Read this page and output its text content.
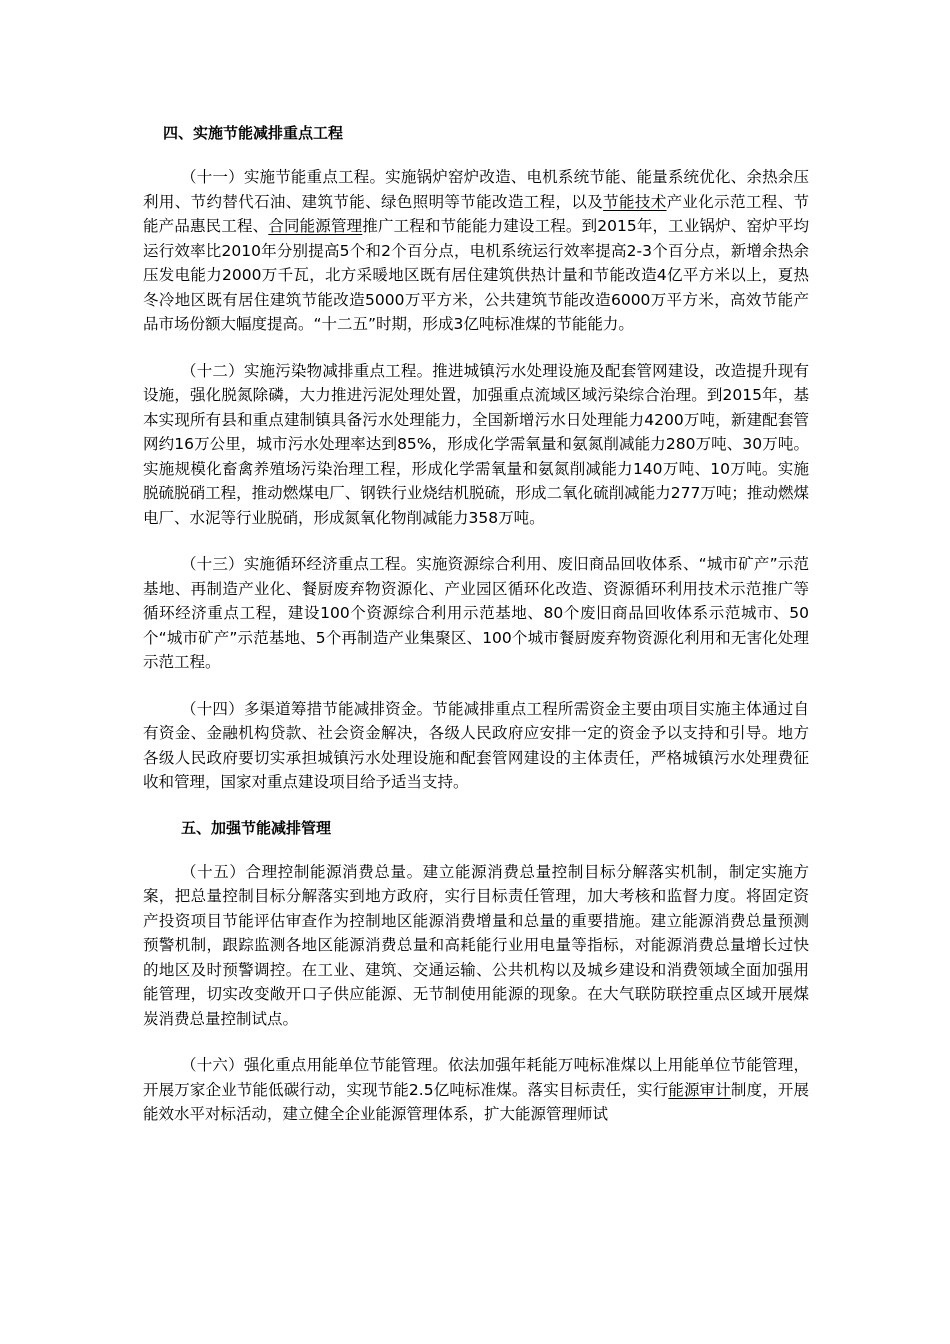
四、实施节能减排重点工程

（十一）实施节能重点工程。实施锅炉窑炉改造、电机系统节能、能量系统优化、余热余压利用、节约替代石油、建筑节能、绿色照明等节能改造工程，以及节能技术产业化示范工程、节能产品惠民工程、合同能源管理推广工程和节能能力建设工程。到2015年，工业锅炉、窑炉平均运行效率比2010年分别提高5个和2个百分点，电机系统运行效率提高2-3个百分点，新增余热余压发电能力2000万千瓦，北方采暖地区既有居住建筑供热计量和节能改造4亿平方米以上，夏热冬冷地区既有居住建筑节能改造5000万平方米，公共建筑节能改造6000万平方米，高效节能产品市场份额大幅度提高。“十二五”时期，形成3亿吨标准煤的节能能力。

（十二）实施污染物减排重点工程。推进城镇污水处理设施及配套管网建设，改造提升现有设施，强化脱氮除磷，大力推进污泥处理处置，加强重点流域区域污染综合治理。到2015年，基本实现所有县和重点建制镇具备污水处理能力，全国新增污水日处理能力4200万吨，新建配套管网约16万公里，城市污水处理率达到85%，形成化学需氧量和氨氮削减能力280万吨、30万吨。实施规模化畜禽养殖场污染治理工程，形成化学需氧量和氨氮削减能力140万吨、10万吨。实施脱硫脱硝工程，推动燃煤电厂、钢铁行业烧结机脱硫，形成二氧化硫削减能力277万吨；推动燃煤电厂、水泥等行业脱硝，形成氮氧化物削减能力358万吨。

（十三）实施循环经济重点工程。实施资源综合利用、废旧商品回收体系、“城市矿产”示范基地、再制造产业化、餐厨废弃物资源化、产业园区循环化改造、资源循环利用技术示范推广等循环经济重点工程，建设100个资源综合利用示范基地、80个废旧商品回收体系示范城市、50个“城市矿产”示范基地、5个再制造产业集聚区、100个城市餐厨废弃物资源化利用和无害化处理示范工程。

（十四）多渠道筹措节能减排资金。节能减排重点工程所需资金主要由项目实施主体通过自有资金、金融机构贷款、社会资金解决，各级人民政府应安排一定的资金予以支持和引导。地方各级人民政府要切实承担城镇污水处理设施和配套管网建设的主体责任，严格城镇污水处理费征收和管理，国家对重点建设项目给予适当支持。

五、加强节能减排管理

（十五）合理控制能源消费总量。建立能源消费总量控制目标分解落实机制，制定实施方案，把总量控制目标分解落实到地方政府，实行目标责任管理，加大考核和监督力度。将固定资产投资项目节能评估审查作为控制地区能源消费增量和总量的重要措施。建立能源消费总量预测预警机制，跟踪监测各地区能源消费总量和高耗能行业用电量等指标，对能源消费总量增长过快的地区及时预警调控。在工业、建筑、交通运输、公共机构以及城乡建设和消费领域全面加强用能管理，切实改变敞开口子供应能源、无节制使用能源的现象。在大气联防联控重点区域开展煤炭消费总量控制试点。

（十六）强化重点用能单位节能管理。依法加强年耗能万吨标准煤以上用能单位节能管理，开展万家企业节能低碳行动，实现节能2.5亿吨标准煤。落实目标责任，实行能源审计制度，开展能效水平对标活动，建立健全企业能源管理体系，扩大能源管理师试
